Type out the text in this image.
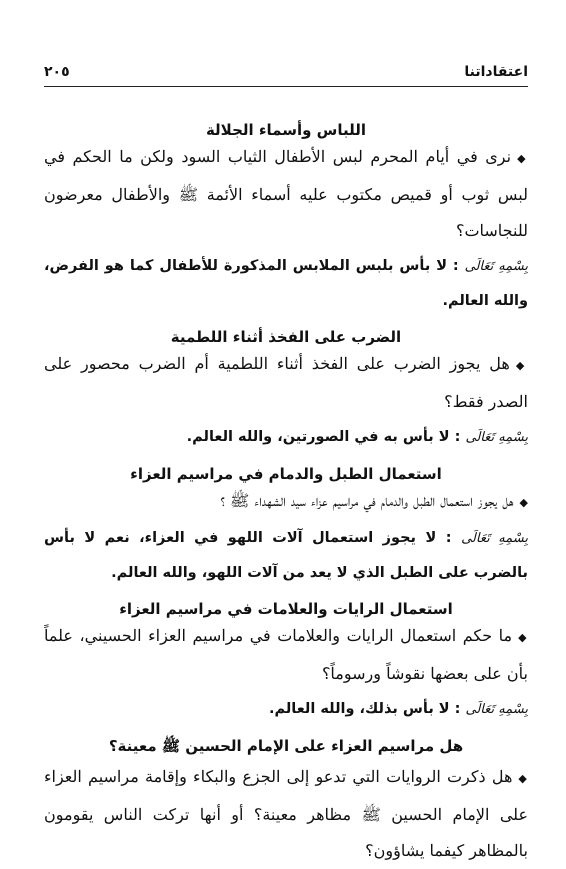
اعتقاداتنا
٢٠٥

اللباس وأسماء الجلالة

◆نرى في أيام المحرم لبس الأطفال الثياب السود ولكن ما الحكم في لبس ثوب أو قميص مكتوب عليه أسماء الأئمة ﷺ والأطفال معرضون للنجاسات؟

بِسْمِهِ تَعَالَى : لا بأس بلبس الملابس المذكورة للأطفال كما هو الفرض، والله العالم.

الضرب على الفخذ أثناء اللطمية

◆هل يجوز الضرب على الفخذ أثناء اللطمية أم الضرب محصور على الصدر فقط؟

بِسْمِهِ تَعَالَى : لا بأس به في الصورتين، والله العالم.

استعمال الطبل والدمام في مراسيم العزاء

◆هل يجوز استعمال الطبل والدمام في مراسيم عزاء سيد الشهداء ﷺ ؟

بِسْمِهِ تَعَالَى : لا يجوز استعمال آلات اللهو في العزاء، نعم لا بأس بالضرب على الطبل الذي لا يعد من آلات اللهو، والله العالم.

استعمال الرايات والعلامات في مراسيم العزاء

◆ما حكم استعمال الرايات والعلامات في مراسيم العزاء الحسيني، علماً بأن على بعضها نقوشاً ورسوماً؟

بِسْمِهِ تَعَالَى : لا بأس بذلك، والله العالم.

هل مراسيم العزاء على الإمام الحسين ﷺ معينة؟

◆هل ذكرت الروايات التي تدعو إلى الجزع والبكاء وإقامة مراسيم العزاء على الإمام الحسين ﷺ مظاهر معينة؟ أو أنها تركت الناس يقومون بالمظاهر كيفما يشاؤون؟
